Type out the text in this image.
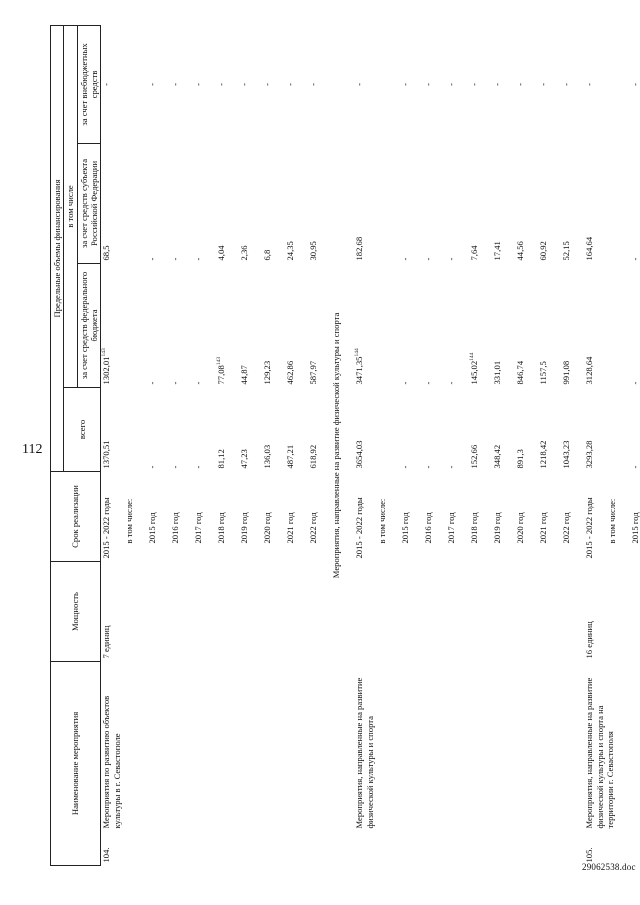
112
Наименование мероприятия		Мощность	Срок реализации	Предельные объемы финансирования			
				всего	в том числе		
					за счет средств федерального бюджета	за счет средств субъекта Российской Федерации	за счет внебюджетных средств
104.	Мероприятия по развитию объектов культуры в г. Севастополе	7 единиц	2015 - 2022 годы	1370,51	1302,01$^{143}$	68,5	-
			в том числе:				
			2015 год	-	-	-	-
			2016 год	-	-	-	-
			2017 год	-	-	-	-
			2018 год	81,12	77,08$^{143}$	4,04	-
			2019 год	47,23	44,87	2,36	-
			2020 год	136,03	129,23	6,8	-
			2021 год	487,21	462,86	24,35	-
			2022 год	618,92	587,97	30,95	-
Мероприятия, направленные на развитие физической культуры и спорта							
	Мероприятия, направленные на развитие физической культуры и спорта		2015 - 2022 годы	3654,03	3471,35$^{144}$	182,68	-
			в том числе:				
			2015 год	-	-	-	-
			2016 год	-	-	-	-
			2017 год	-	-	-	-
			2018 год	152,66	145,02$^{144}$	7,64	-
			2019 год	348,42	331,01	17,41	-
			2020 год	891,3	846,74	44,56	-
			2021 год	1218,42	1157,5	60,92	-
			2022 год	1043,23	991,08	52,15	-
105.	Мероприятия, направленные на развитие физической культуры и спорта на территории г. Севастополя	16 единиц	2015 - 2022 годы	3293,28	3128,64	164,64	-
			в том числе:				
			2015 год	-	-	-	-
29062538.doc
